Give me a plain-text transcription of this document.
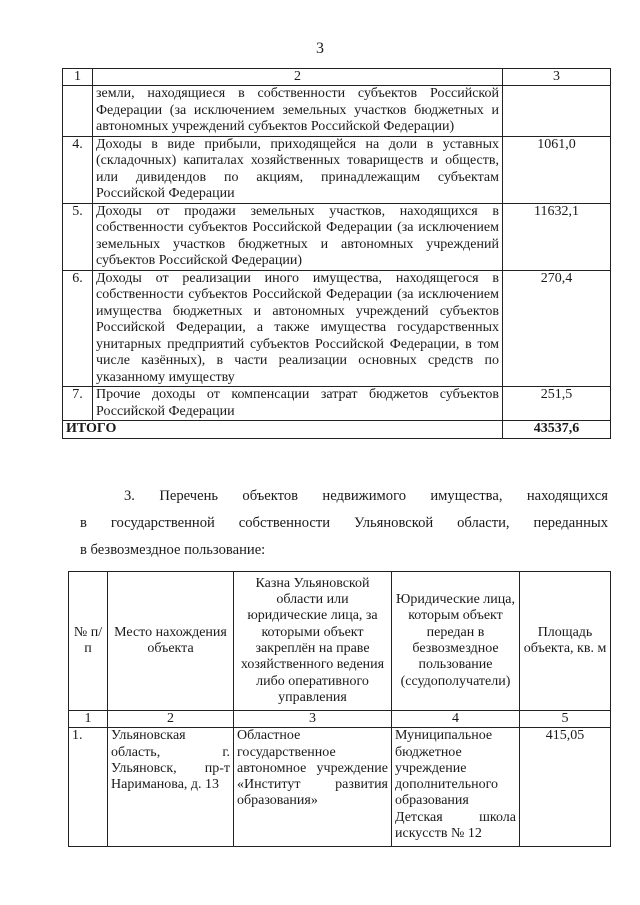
3
1	2	3
	земли, находящиеся в собственности субъектов Российской Федерации (за исключением земельных участков бюджетных и автономных учреждений субъектов Российской Федерации)	
4.	Доходы в виде прибыли, приходящейся на доли в уставных (складочных) капиталах хозяйственных товариществ и обществ, или дивидендов по акциям, принадлежащим субъектам Российской Федерации	1061,0
5.	Доходы от продажи земельных участков, находящихся в собственности субъектов Российской Федерации (за исключением земельных участков бюджетных и автономных учреждений субъектов Российской Федерации)	11632,1
6.	Доходы от реализации иного имущества, находящегося в собственности субъектов Российской Федерации (за исключением имущества бюджетных и автономных учреждений субъектов Российской Федерации, а также имущества государственных унитарных предприятий субъектов Российской Федерации, в том числе казённых), в части реализации основных средств по указанному имуществу	270,4
7.	Прочие доходы от компенсации затрат бюджетов субъектов Российской Федерации	251,5
ИТОГО		43537,6
3. Перечень объектов недвижимого имущества, находящихся
в государственной собственности Ульяновской области, переданных
в безвозмездное пользование:
№ п/п	Место нахождения объекта	Казна Ульяновской области или юридические лица, за которыми объект закреплён на праве хозяйственного ведения либо оперативного управления	Юридические лица, которым объект передан в безвозмездное пользование (ссудополучатели)	Площадь объекта, кв. м
1	2	3	4	5
1.	Ульяновская область, г. Ульяновск, пр-т Нариманова, д. 13	Областное государственное автономное учреждение «Институт развития образования»	Муниципальное бюджетное учреждение дополнительного образования Детская школа искусств № 12	415,05
